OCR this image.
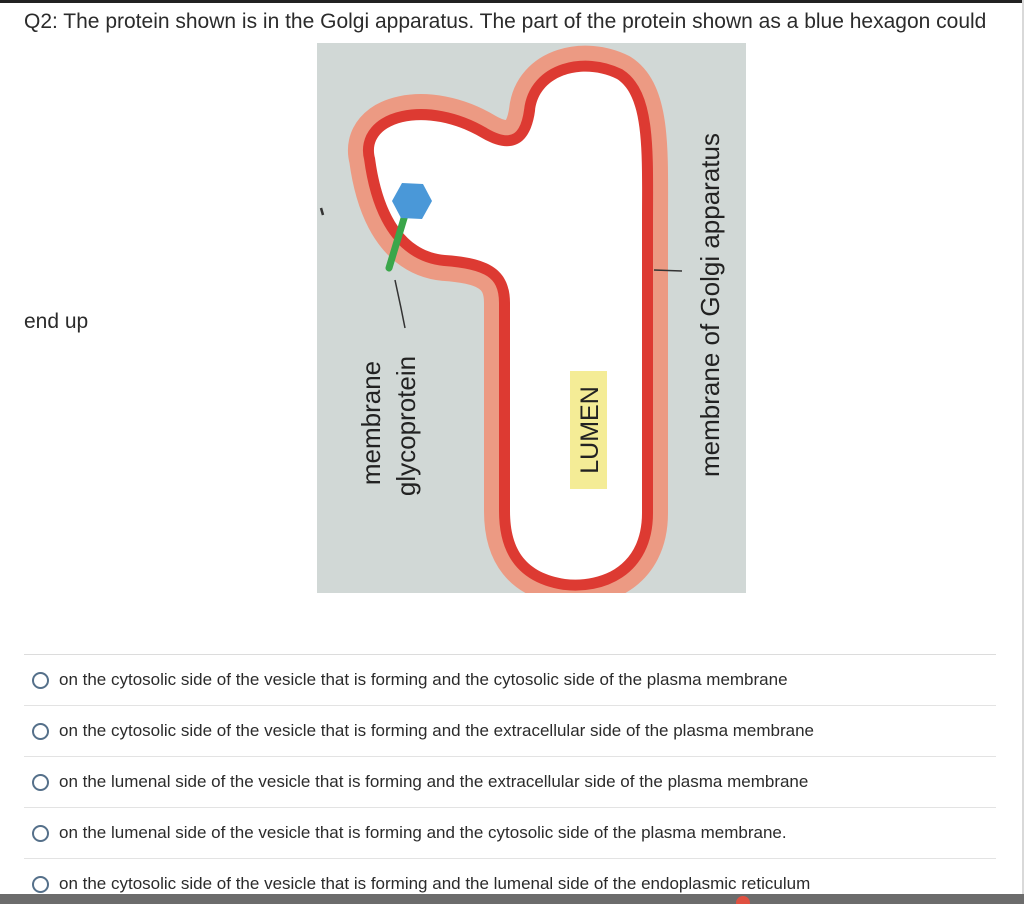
Q2: The protein shown is in the Golgi apparatus. The part of the protein shown as a blue hexagon could
end up
membrane glycoprotein	LUMEN	membrane of Golgi apparatus
on the cytosolic side of the vesicle that is forming and the cytosolic side of the plasma membrane
on the cytosolic side of the vesicle that is forming and the extracellular side of the plasma membrane
on the lumenal side of the vesicle that is forming and the extracellular side of the plasma membrane
on the lumenal side of the vesicle that is forming and the cytosolic side of the plasma membrane.
on the cytosolic side of the vesicle that is forming and the lumenal side of the endoplasmic reticulum
